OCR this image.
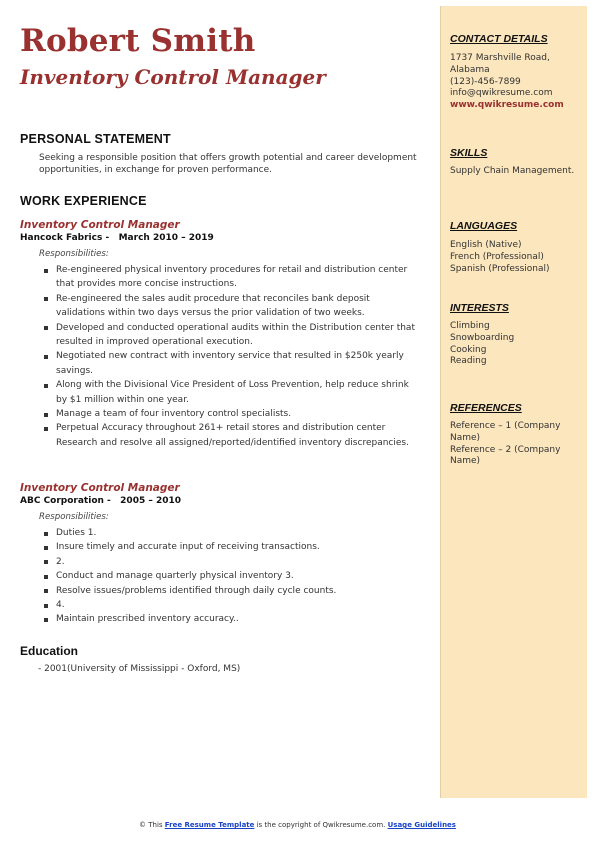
Robert Smith
Inventory Control Manager
PERSONAL STATEMENT
Seeking a responsible position that offers growth potential and career development opportunities, in exchange for proven performance.
WORK EXPERIENCE
Inventory Control Manager
Hancock Fabrics -   March 2010 – 2019
Responsibilities:
Re-engineered physical inventory procedures for retail and distribution center that provides more concise instructions.
Re-engineered the sales audit procedure that reconciles bank deposit validations within two days versus the prior validation of two weeks.
Developed and conducted operational audits within the Distribution center that resulted in improved operational execution.
Negotiated new contract with inventory service that resulted in $250k yearly savings.
Along with the Divisional Vice President of Loss Prevention, help reduce shrink by $1 million within one year.
Manage a team of four inventory control specialists.
Perpetual Accuracy throughout 261+ retail stores and distribution center Research and resolve all assigned/reported/identified inventory discrepancies.
Inventory Control Manager
ABC Corporation -   2005 – 2010
Responsibilities:
Duties 1.
Insure timely and accurate input of receiving transactions.
2.
Conduct and manage quarterly physical inventory 3.
Resolve issues/problems identified through daily cycle counts.
4.
Maintain prescribed inventory accuracy..
Education
- 2001(University of Mississippi - Oxford, MS)
CONTACT DETAILS
1737 Marshville Road,
Alabama
(123)-456-7899
info@qwikresume.com
www.qwikresume.com
SKILLS
Supply Chain Management.
LANGUAGES
English (Native)
French (Professional)
Spanish (Professional)
INTERESTS
Climbing
Snowboarding
Cooking
Reading
REFERENCES
Reference – 1 (Company Name)
Reference – 2 (Company Name)
© This Free Resume Template is the copyright of Qwikresume.com. Usage Guidelines
